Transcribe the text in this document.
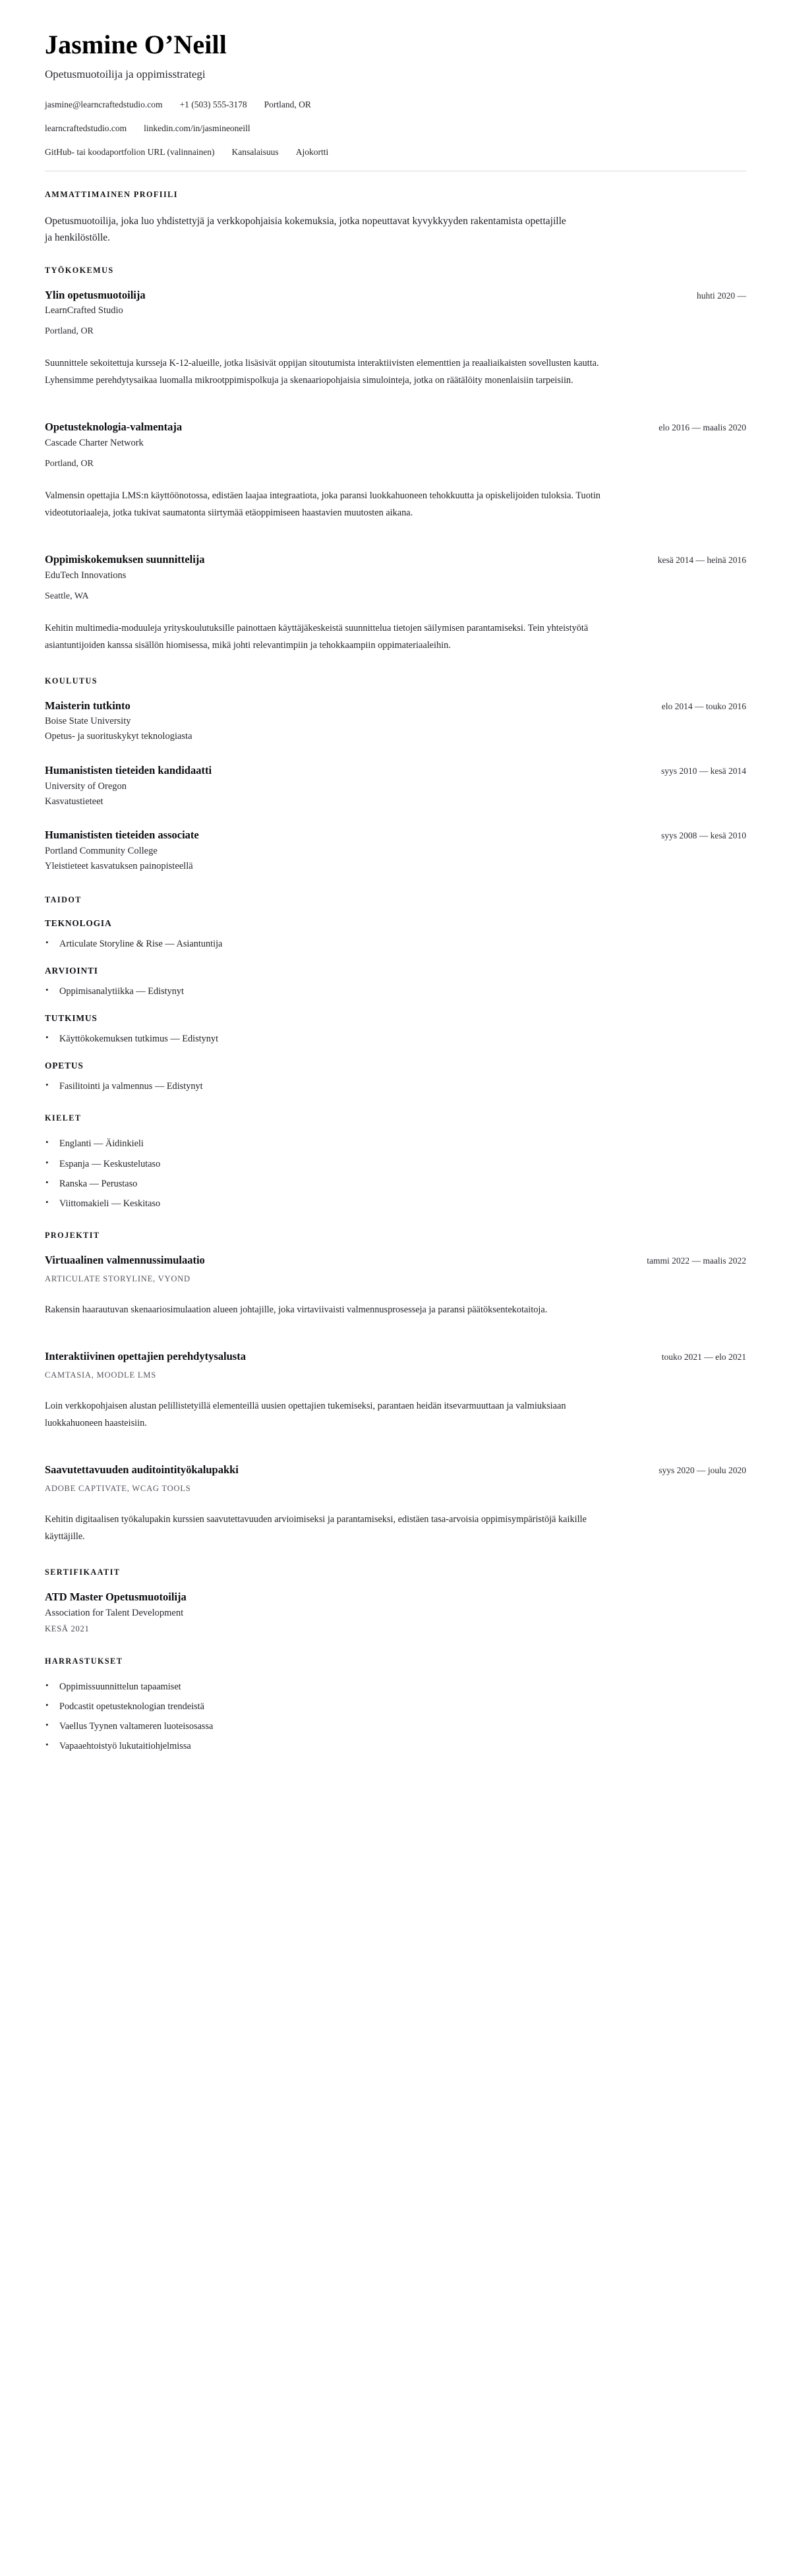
Jasmine O’Neill

Opetusmuotoilija ja oppimisstrategi

jasmine@learncraftedstudio.com +1 (503) 555-3178 Portland, OR
learncraftedstudio.com linkedin.com/in/jasmineoneill
GitHub- tai koodaportfolion URL (valinnainen) Kansalaisuus Ajokortti
AMMATTIMAINEN PROFIILI

Opetusmuotoilija, joka luo yhdistettyjä ja verkkopohjaisia kokemuksia, jotka nopeuttavat kyvykkyyden rakentamista opettajille ja henkilöstölle.

TYÖKOKEMUS
Ylin opetusmuotoilija	huhti 2020 —
LearnCrafted Studio
Portland, OR

Suunnittele sekoitettuja kursseja K-12-alueille, jotka lisäsivät oppijan sitoutumista interaktiivisten elementtien ja reaaliaikaisten sovellusten kautta. Lyhensimme perehdytysaikaa luomalla mikrootppimispolkuja ja skenaariopohjaisia simulointeja, jotka on räätälöity monenlaisiin tarpeisiin.

Opetusteknologia-valmentaja	elo 2016 — maalis 2020
Cascade Charter Network
Portland, OR

Valmensin opettajia LMS:n käyttöönotossa, edistäen laajaa integraatiota, joka paransi luokkahuoneen tehokkuutta ja opiskelijoiden tuloksia. Tuotin videotutoriaaleja, jotka tukivat saumatonta siirtymää etäoppimiseen haastavien muutosten aikana.

Oppimiskokemuksen suunnittelija	kesä 2014 — heinä 2016
EduTech Innovations
Seattle, WA

Kehitin multimedia-moduuleja yrityskoulutuksille painottaen käyttäjäkeskeistä suunnittelua tietojen säilymisen parantamiseksi. Tein yhteistyötä asiantuntijoiden kanssa sisällön hiomisessa, mikä johti relevantimpiin ja tehokkaampiin oppimateriaaleihin.

KOULUTUS
Maisterin tutkinto	elo 2014 — touko 2016
Boise State University
Opetus- ja suorituskykyt teknologiasta
Humanististen tieteiden kandidaatti	syys 2010 — kesä 2014
University of Oregon
Kasvatustieteet
Humanististen tieteiden associate	syys 2008 — kesä 2010
Portland Community College
Yleistieteet kasvatuksen painopisteellä
TAIDOT
TEKNOLOGIA
• Articulate Storyline & Rise — Asiantuntija
ARVIOINTI
• Oppimisanalytiikka — Edistynyt
TUTKIMUS
• Käyttökokemuksen tutkimus — Edistynyt
OPETUS
• Fasilitointi ja valmennus — Edistynyt
KIELET
• Englanti — Äidinkieli
• Espanja — Keskustelutaso
• Ranska — Perustaso
• Viittomakieli — Keskitaso
PROJEKTIT
Virtuaalinen valmennussimulaatio	tammi 2022 — maalis 2022
ARTICULATE STORYLINE, VYOND

Rakensin haarautuvan skenaariosimulaation alueen johtajille, joka virtaviivaisti valmennusprosesseja ja paransi päätöksentekotaitoja.

Interaktiivinen opettajien perehdytysalusta	touko 2021 — elo 2021
CAMTASIA, MOODLE LMS

Loin verkkopohjaisen alustan pelillistetyillä elementeillä uusien opettajien tukemiseksi, parantaen heidän itsevarmuuttaan ja valmiuksiaan luokkahuoneen haasteisiin.

Saavutettavuuden auditointityökalupakki	syys 2020 — joulu 2020
ADOBE CAPTIVATE, WCAG TOOLS

Kehitin digitaalisen työkalupakin kurssien saavutettavuuden arvioimiseksi ja parantamiseksi, edistäen tasa-arvoisia oppimisympäristöjä kaikille käyttäjille.

SERTIFIKAATIT
ATD Master Opetusmuotoilija
Association for Talent Development
KESÄ 2021
HARRASTUKSET
• Oppimissuunnittelun tapaamiset
• Podcastit opetusteknologian trendeistä
• Vaellus Tyynen valtameren luoteisosassa
• Vapaaehtoistyö lukutaitiohjelmissa
